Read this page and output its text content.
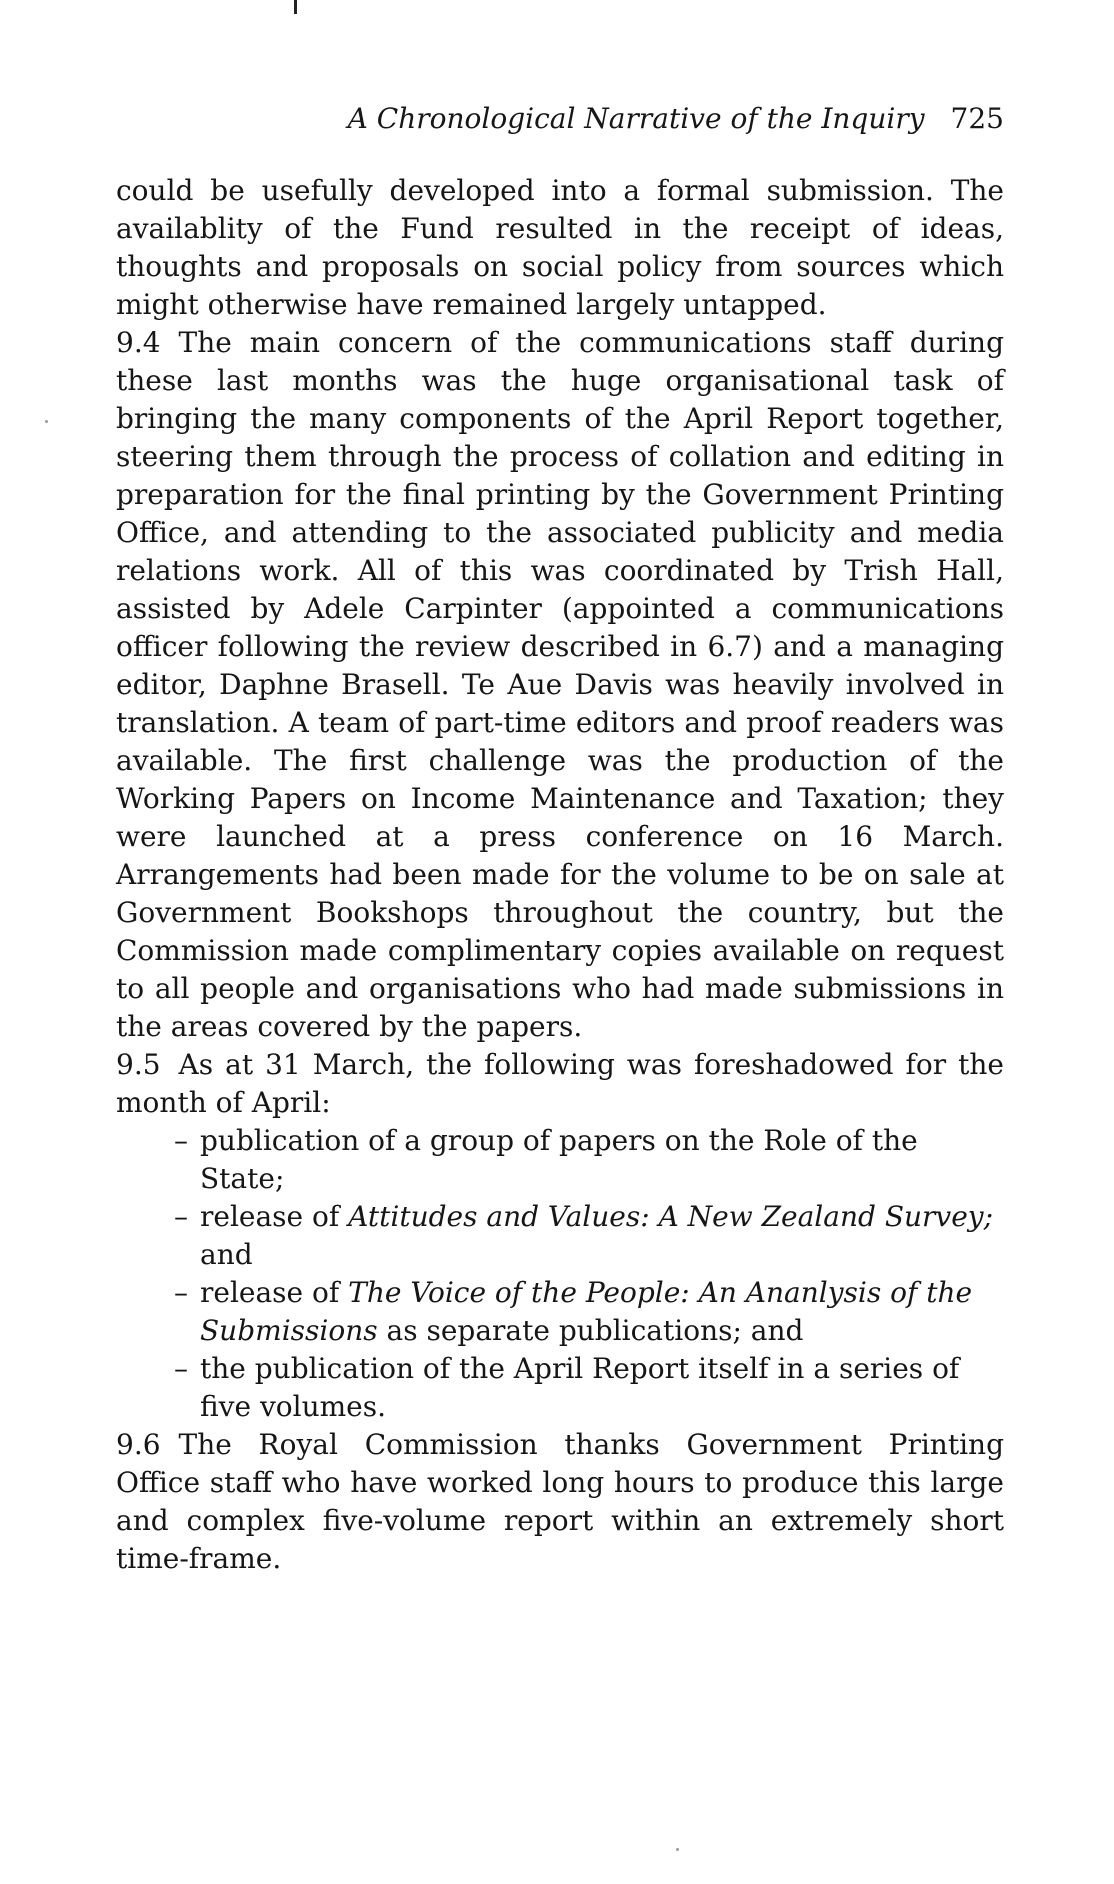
A Chronological Narrative of the Inquiry 725

could be usefully developed into a formal submission. The availablity of the Fund resulted in the receipt of ideas, thoughts and proposals on social policy from sources which might otherwise have remained largely untapped.

9.4 The main concern of the communications staff during these last months was the huge organisational task of bringing the many components of the April Report together, steering them through the process of collation and editing in preparation for the final printing by the Government Printing Office, and attending to the associated publicity and media relations work. All of this was coordinated by Trish Hall, assisted by Adele Carpinter (appointed a communications officer following the review described in 6.7) and a managing editor, Daphne Brasell. Te Aue Davis was heavily involved in translation. A team of part-time editors and proof readers was available. The first challenge was the production of the Working Papers on Income Maintenance and Taxation; they were launched at a press conference on 16 March. Arrangements had been made for the volume to be on sale at Government Bookshops throughout the country, but the Commission made complimentary copies available on request to all people and organisations who had made submissions in the areas covered by the papers.

9.5 As at 31 March, the following was foreshadowed for the month of April:

– publication of a group of papers on the Role of the State;
– release of Attitudes and Values: A New Zealand Survey; and
– release of The Voice of the People: An Ananlysis of the Submissions as separate publications; and
– the publication of the April Report itself in a series of five volumes.

9.6 The Royal Commission thanks Government Printing Office staff who have worked long hours to produce this large and complex five-volume report within an extremely short time-frame.
